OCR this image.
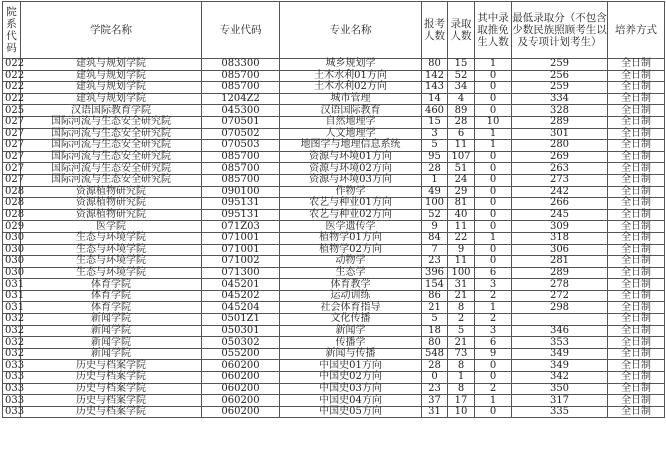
院系代码	学院名称	专业代码	专业名称	报考人数	录取人数	其中录取推免生人数	最低录取分（不包含少数民族照顾考生以及专项计划考生）	培养方式
022	建筑与规划学院	083300	城乡规划学	80	15	1	259	全日制
022	建筑与规划学院	085700	土木水利01方向	142	52	0	256	全日制
022	建筑与规划学院	085700	土木水利02方向	143	34	0	259	全日制
022	建筑与规划学院	1204Z2	城市管理	14	4	0	334	全日制
025	汉语国际教育学院	045300	汉语国际教育	460	89	0	328	全日制
027	国际河流与生态安全研究院	070501	自然地理学	15	28	10	289	全日制
027	国际河流与生态安全研究院	070502	人文地理学	3	6	1	301	全日制
027	国际河流与生态安全研究院	070503	地图学与地理信息系统	5	11	1	280	全日制
027	国际河流与生态安全研究院	085700	资源与环境01方向	95	107	0	269	全日制
027	国际河流与生态安全研究院	085700	资源与环境02方向	28	51	0	263	全日制
027	国际河流与生态安全研究院	085700	资源与环境03方向	1	24	0	273	全日制
028	资源植物研究院	090100	作物学	49	29	0	242	全日制
028	资源植物研究院	095131	农艺与种业01方向	100	81	0	266	全日制
028	资源植物研究院	095131	农艺与种业02方向	52	40	0	245	全日制
029	医学院	071Z03	医学遗传学	9	11	0	309	全日制
030	生态与环境学院	071001	植物学01方向	84	22	1	318	全日制
030	生态与环境学院	071001	植物学02方向	7	9	0	306	全日制
030	生态与环境学院	071002	动物学	23	11	0	281	全日制
030	生态与环境学院	071300	生态学	396	100	6	289	全日制
031	体育学院	045201	体育教学	154	31	3	278	全日制
031	体育学院	045202	运动训练	86	21	2	272	全日制
031	体育学院	045204	社会体育指导	21	8	1	298	全日制
032	新闻学院	0501Z1	文化传播	5	2	2		全日制
032	新闻学院	050301	新闻学	18	5	3	346	全日制
032	新闻学院	050302	传播学	80	21	6	353	全日制
032	新闻学院	055200	新闻与传播	548	73	9	349	全日制
033	历史与档案学院	060200	中国史01方向	28	8	0	349	全日制
033	历史与档案学院	060200	中国史02方向	0	1	0	342	全日制
033	历史与档案学院	060200	中国史03方向	23	8	2	350	全日制
033	历史与档案学院	060200	中国史04方向	37	17	1	317	全日制
033	历史与档案学院	060200	中国史05方向	31	10	0	335	全日制
